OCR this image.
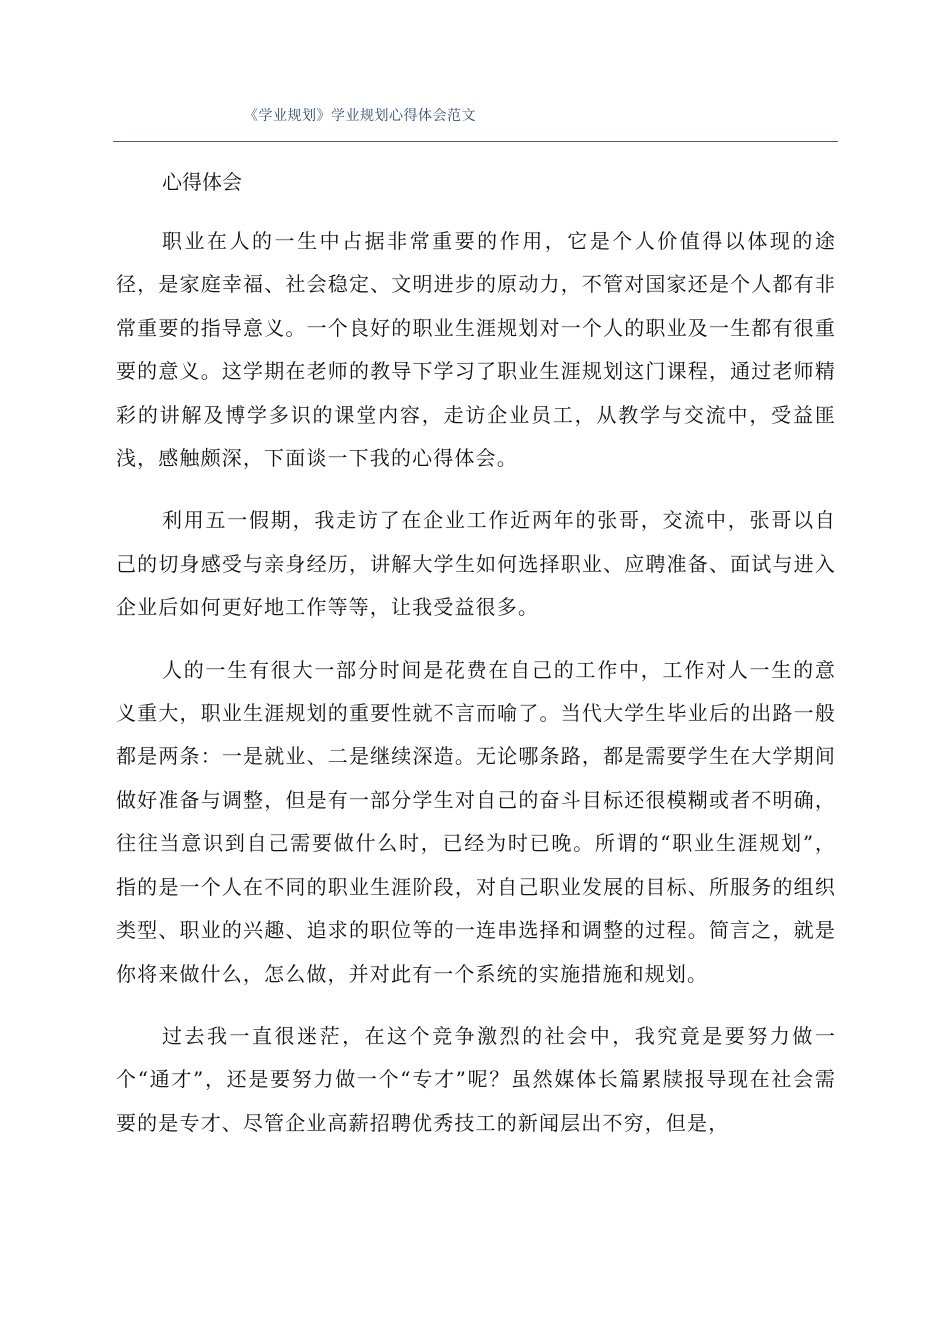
《学业规划》学业规划心得体会范文
心得体会

职业在人的一生中占据非常重要的作用，它是个人价值得以体现的途径，是家庭幸福、社会稳定、文明进步的原动力，不管对国家还是个人都有非常重要的指导意义。一个良好的职业生涯规划对一个人的职业及一生都有很重要的意义。这学期在老师的教导下学习了职业生涯规划这门课程，通过老师精彩的讲解及博学多识的课堂内容，走访企业员工，从教学与交流中，受益匪浅，感触颇深，下面谈一下我的心得体会。

利用五一假期，我走访了在企业工作近两年的张哥，交流中，张哥以自己的切身感受与亲身经历，讲解大学生如何选择职业、应聘准备、面试与进入企业后如何更好地工作等等，让我受益很多。

人的一生有很大一部分时间是花费在自己的工作中，工作对人一生的意义重大，职业生涯规划的重要性就不言而喻了。当代大学生毕业后的出路一般都是两条：一是就业、二是继续深造。无论哪条路，都是需要学生在大学期间做好准备与调整，但是有一部分学生对自己的奋斗目标还很模糊或者不明确，往往当意识到自己需要做什么时，已经为时已晚。所谓的“职业生涯规划”，指的是一个人在不同的职业生涯阶段，对自己职业发展的目标、所服务的组织类型、职业的兴趣、追求的职位等的一连串选择和调整的过程。简言之，就是你将来做什么，怎么做，并对此有一个系统的实施措施和规划。

过去我一直很迷茫，在这个竞争激烈的社会中，我究竟是要努力做一个“通才”，还是要努力做一个“专才”呢？虽然媒体长篇累牍报导现在社会需要的是专才、尽管企业高薪招聘优秀技工的新闻层出不穷，但是，
